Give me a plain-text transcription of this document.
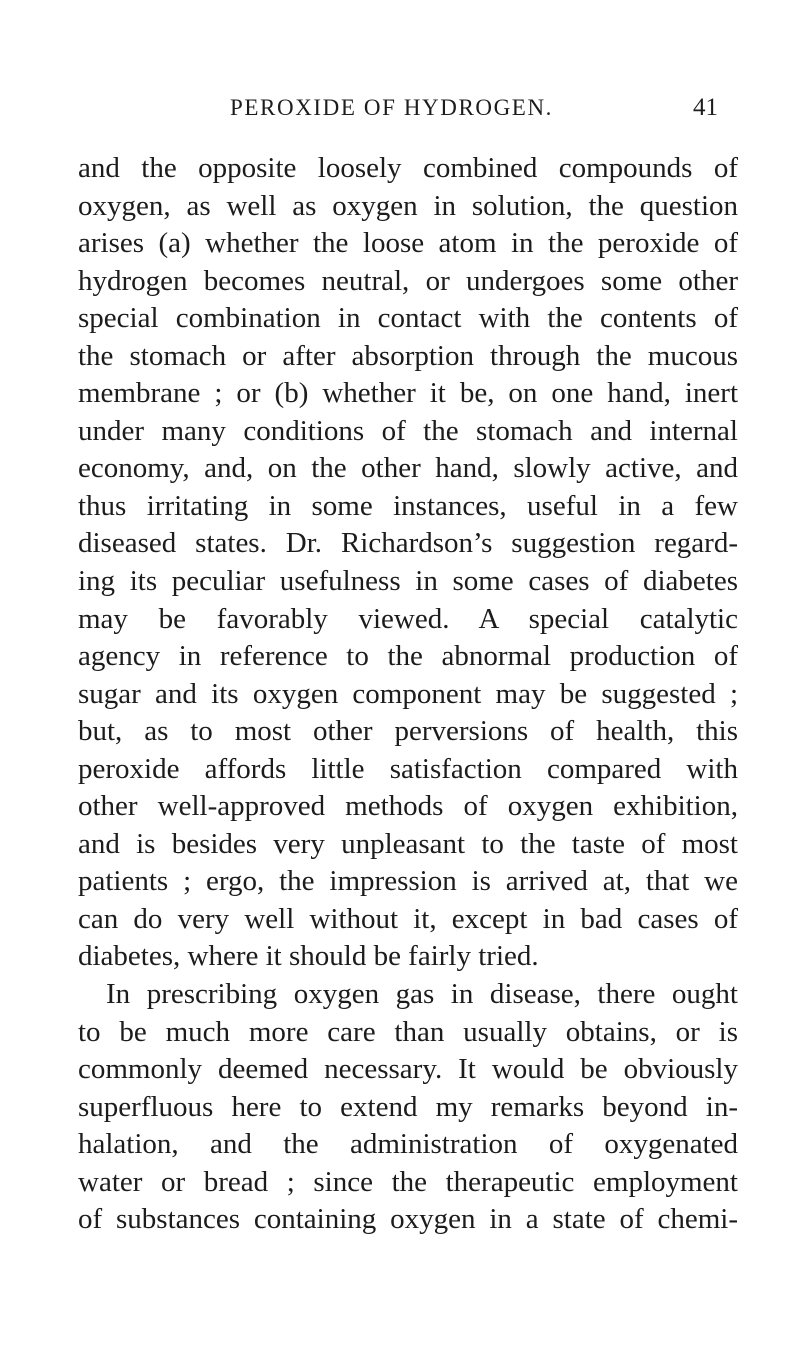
PEROXIDE OF HYDROGEN.	41
and the opposite loosely combined compounds of
oxygen, as well as oxygen in solution, the question
arises (a) whether the loose atom in the peroxide of
hydrogen becomes neutral, or undergoes some other
special combination in contact with the contents of
the stomach or after absorption through the mucous
membrane ; or (b) whether it be, on one hand, inert
under many conditions of the stomach and internal
economy, and, on the other hand, slowly active, and
thus irritating in some instances, useful in a few
diseased states. Dr. Richardson’s suggestion regard-
ing its peculiar usefulness in some cases of diabetes
may be favorably viewed. A special catalytic
agency in reference to the abnormal production of
sugar and its oxygen component may be suggested ;
but, as to most other perversions of health, this
peroxide affords little satisfaction compared with
other well-approved methods of oxygen exhibition,
and is besides very unpleasant to the taste of most
patients ; ergo, the impression is arrived at, that we
can do very well without it, except in bad cases of
diabetes, where it should be fairly tried.
In prescribing oxygen gas in disease, there ought
to be much more care than usually obtains, or is
commonly deemed necessary. It would be obviously
superfluous here to extend my remarks beyond in-
halation, and the administration of oxygenated
water or bread ; since the therapeutic employment
of substances containing oxygen in a state of chemi-
